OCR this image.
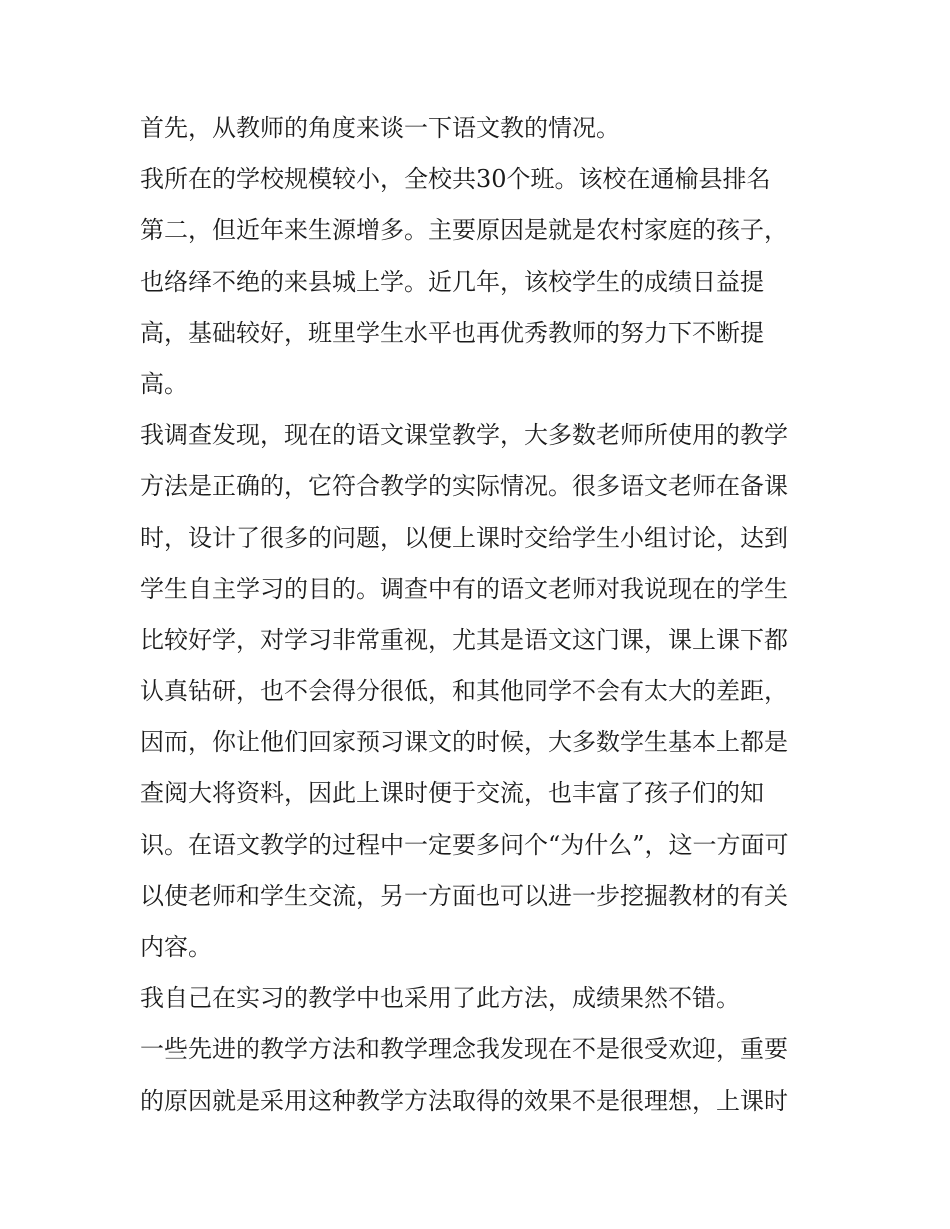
首先，从教师的角度来谈一下语文教的情况。
我所在的学校规模较小，全校共30个班。该校在通榆县排名
第二，但近年来生源增多。主要原因是就是农村家庭的孩子，
也络绎不绝的来县城上学。近几年，该校学生的成绩日益提
高，基础较好，班里学生水平也再优秀教师的努力下不断提
高。
我调查发现，现在的语文课堂教学，大多数老师所使用的教学
方法是正确的，它符合教学的实际情况。很多语文老师在备课
时，设计了很多的问题，以便上课时交给学生小组讨论，达到
学生自主学习的目的。调查中有的语文老师对我说现在的学生
比较好学，对学习非常重视，尤其是语文这门课，课上课下都
认真钻研，也不会得分很低，和其他同学不会有太大的差距，
因而，你让他们回家预习课文的时候，大多数学生基本上都是
查阅大将资料，因此上课时便于交流，也丰富了孩子们的知
识。在语文教学的过程中一定要多问个“为什么”，这一方面可
以使老师和学生交流，另一方面也可以进一步挖掘教材的有关
内容。
我自己在实习的教学中也采用了此方法，成绩果然不错。
一些先进的教学方法和教学理念我发现在不是很受欢迎，重要
的原因就是采用这种教学方法取得的效果不是很理想，上课时
